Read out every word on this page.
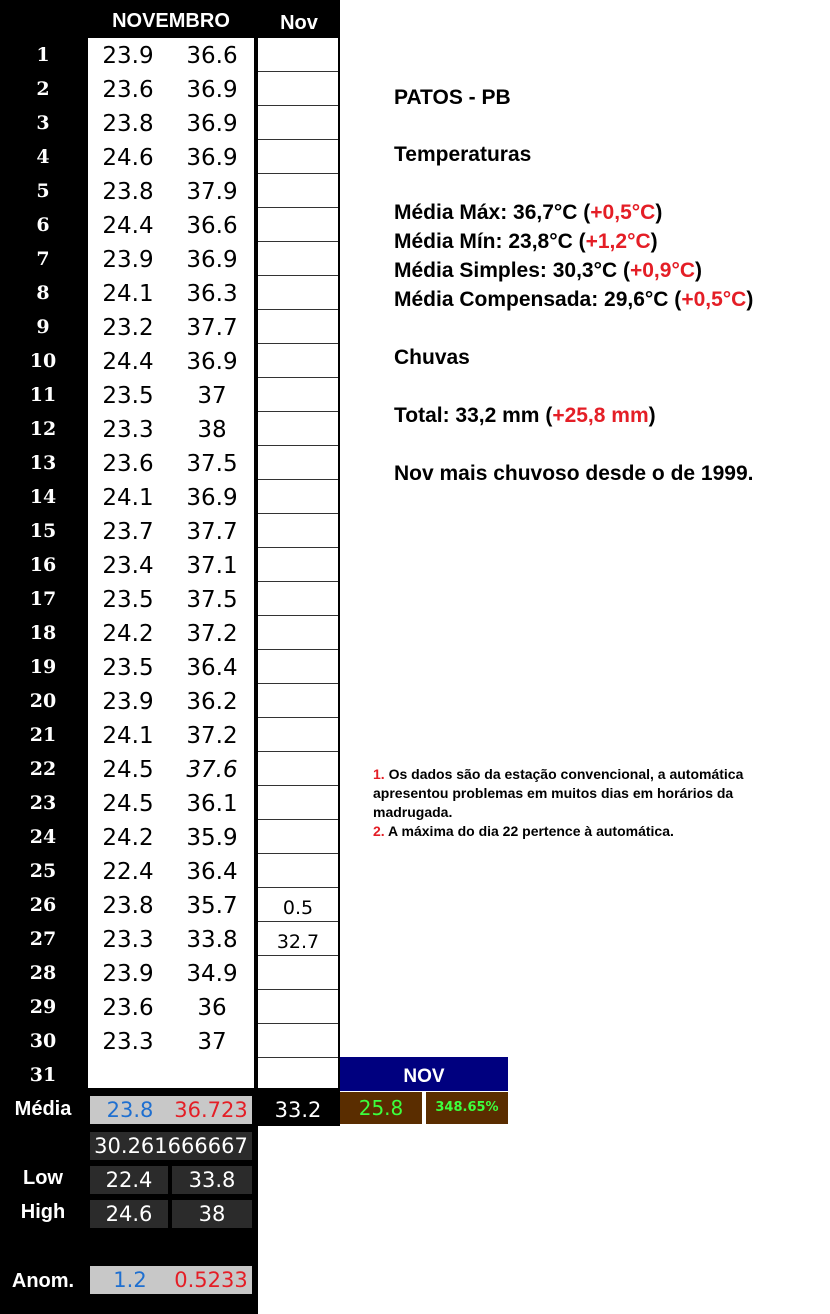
NOVEMBRO	Nov
1	23.9	36.6
2	23.6	36.9
3	23.8	36.9
4	24.6	36.9
5	23.8	37.9
6	24.4	36.6
7	23.9	36.9
8	24.1	36.3
9	23.2	37.7
10	24.4	36.9
11	23.5	37
12	23.3	38
13	23.6	37.5
14	24.1	36.9
15	23.7	37.7
16	23.4	37.1
17	23.5	37.5
18	24.2	37.2
19	23.5	36.4
20	23.9	36.2
21	24.1	37.2
22	24.5	37.6
23	24.5	36.1
24	24.2	35.9
25	22.4	36.4
26	23.8	35.7	0.5
27	23.3	33.8	32.7
28	23.9	34.9
29	23.6	36
30	23.3	37
31
Média	23.8 36.723	33.2
NOV
25.8	348.65%
30.261666667
Low	22.4	33.8
High	24.6	38
Anom.	1.2	0.5233
PATOS - PB
Temperaturas
Média Máx: 36,7°C (+0,5°C)
Média Mín: 23,8°C (+1,2°C)
Média Simples: 30,3°C (+0,9°C)
Média Compensada: 29,6°C (+0,5°C)
Chuvas
Total: 33,2 mm (+25,8 mm)
Nov mais chuvoso desde o de 1999.
1. Os dados são da estação convencional, a automática apresentou problemas em muitos dias em horários da madrugada.
2. A máxima do dia 22 pertence à automática.
